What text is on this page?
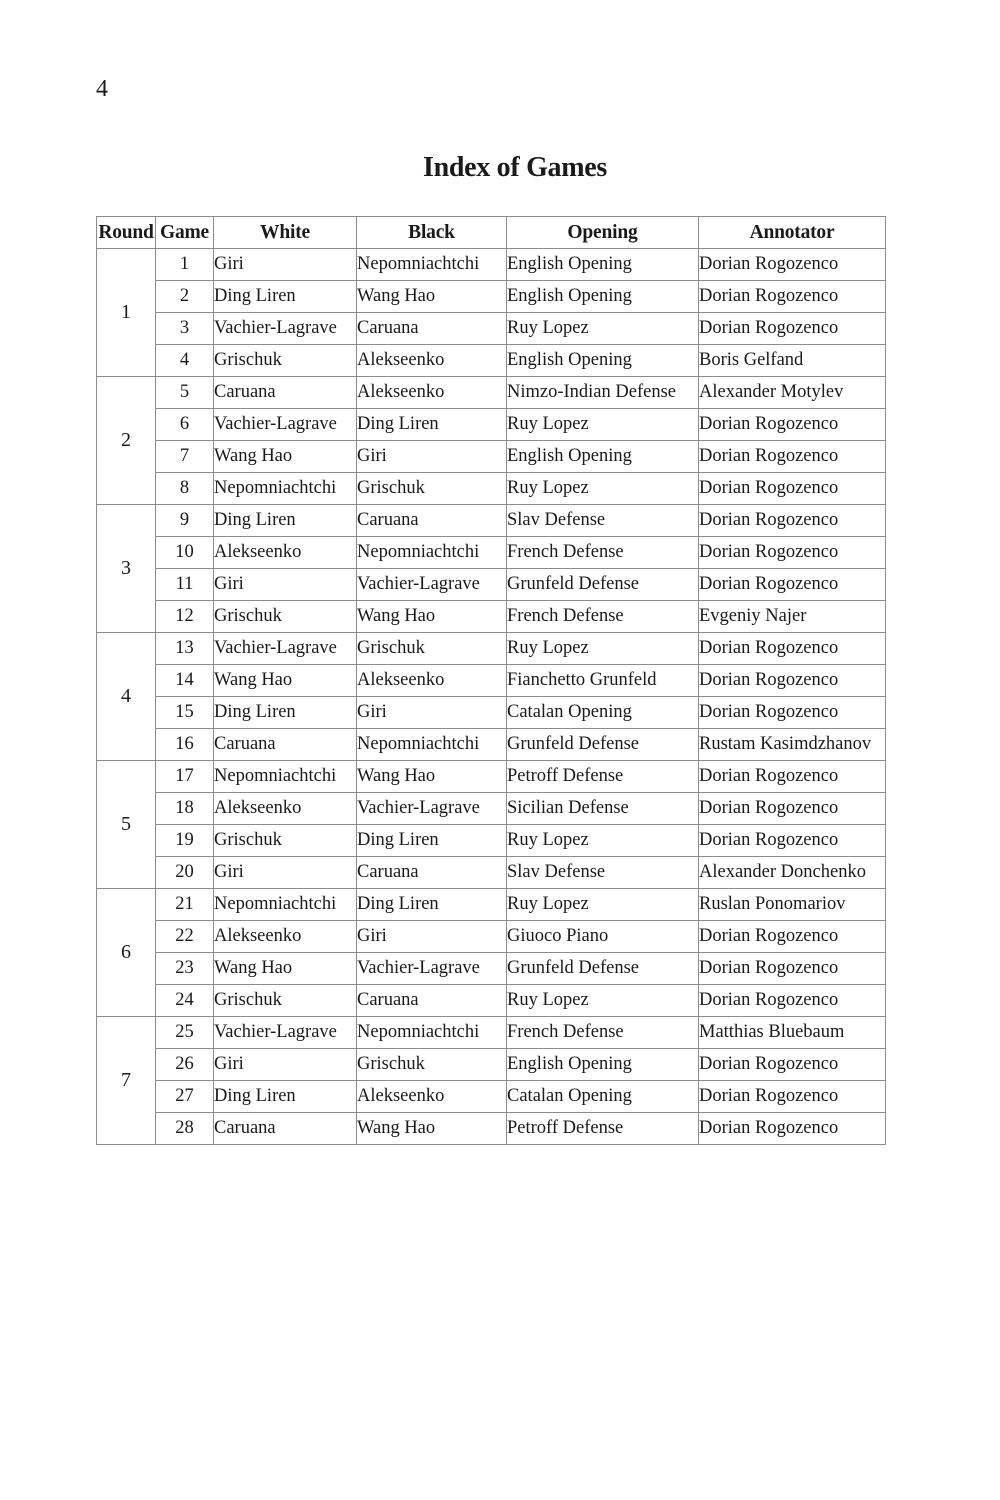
4
Index of Games
Round	Game	White	Black	Opening	Annotator
1	1	Giri	Nepomniachtchi	English Opening	Dorian Rogozenco
	2	Ding Liren	Wang Hao	English Opening	Dorian Rogozenco
	3	Vachier-Lagrave	Caruana	Ruy Lopez	Dorian Rogozenco
	4	Grischuk	Alekseenko	English Opening	Boris Gelfand
2	5	Caruana	Alekseenko	Nimzo-Indian Defense	Alexander Motylev
	6	Vachier-Lagrave	Ding Liren	Ruy Lopez	Dorian Rogozenco
	7	Wang Hao	Giri	English Opening	Dorian Rogozenco
	8	Nepomniachtchi	Grischuk	Ruy Lopez	Dorian Rogozenco
3	9	Ding Liren	Caruana	Slav Defense	Dorian Rogozenco
	10	Alekseenko	Nepomniachtchi	French Defense	Dorian Rogozenco
	11	Giri	Vachier-Lagrave	Grunfeld Defense	Dorian Rogozenco
	12	Grischuk	Wang Hao	French Defense	Evgeniy Najer
4	13	Vachier-Lagrave	Grischuk	Ruy Lopez	Dorian Rogozenco
	14	Wang Hao	Alekseenko	Fianchetto Grunfeld	Dorian Rogozenco
	15	Ding Liren	Giri	Catalan Opening	Dorian Rogozenco
	16	Caruana	Nepomniachtchi	Grunfeld Defense	Rustam Kasimdzhanov
5	17	Nepomniachtchi	Wang Hao	Petroff Defense	Dorian Rogozenco
	18	Alekseenko	Vachier-Lagrave	Sicilian Defense	Dorian Rogozenco
	19	Grischuk	Ding Liren	Ruy Lopez	Dorian Rogozenco
	20	Giri	Caruana	Slav Defense	Alexander Donchenko
6	21	Nepomniachtchi	Ding Liren	Ruy Lopez	Ruslan Ponomariov
	22	Alekseenko	Giri	Giuoco Piano	Dorian Rogozenco
	23	Wang Hao	Vachier-Lagrave	Grunfeld Defense	Dorian Rogozenco
	24	Grischuk	Caruana	Ruy Lopez	Dorian Rogozenco
7	25	Vachier-Lagrave	Nepomniachtchi	French Defense	Matthias Bluebaum
	26	Giri	Grischuk	English Opening	Dorian Rogozenco
	27	Ding Liren	Alekseenko	Catalan Opening	Dorian Rogozenco
	28	Caruana	Wang Hao	Petroff Defense	Dorian Rogozenco
